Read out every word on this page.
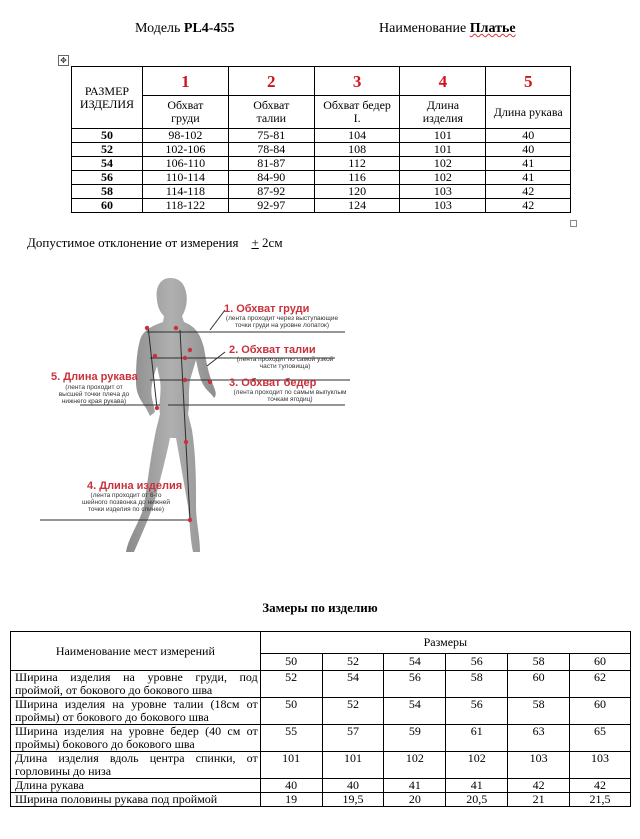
Модель PL4-455	Наименование Платье
✥
РАЗМЕР ИЗДЕЛИЯ	1	2	3	4	5
	Обхват груди	Обхват талии	Обхват бедер I.	Длина изделия	Длина рукава
50	98-102	75-81	104	101	40
52	102-106	78-84	108	101	40
54	106-110	81-87	112	102	41
56	110-114	84-90	116	102	41
58	114-118	87-92	120	103	42
60	118-122	92-97	124	103	42
Допустимое отклонение от измерения + 2см
1. Обхват груди
(лента проходит через выступающие точки груди на уровне лопаток)
2. Обхват талии
(лента проходит по самой узкой части туловища)
3. Обхват бедер
(лента проходит по самым выпуклым точкам ягодиц)
5. Длина рукава
(лента проходит от высшей точки плеча до нижнего края рукава)
4. Длина изделия
(лента проходит от 6-го шейного позвонка до нижней точки изделия по спинке)
Замеры по изделию
Наименование мест измерений	Размеры					
	50	52	54	56	58	60
Ширина изделия на уровне груди, под проймой, от бокового до бокового шва	52	54	56	58	60	62
Ширина изделия на уровне талии (18см от проймы) от бокового до бокового шва	50	52	54	56	58	60
Ширина изделия на уровне бедер (40 см от проймы) бокового до бокового шва	55	57	59	61	63	65
Длина изделия вдоль центра спинки, от горловины до низа	101	101	102	102	103	103
Длина рукава	40	40	41	41	42	42
Ширина половины рукава под проймой	19	19,5	20	20,5	21	21,5
